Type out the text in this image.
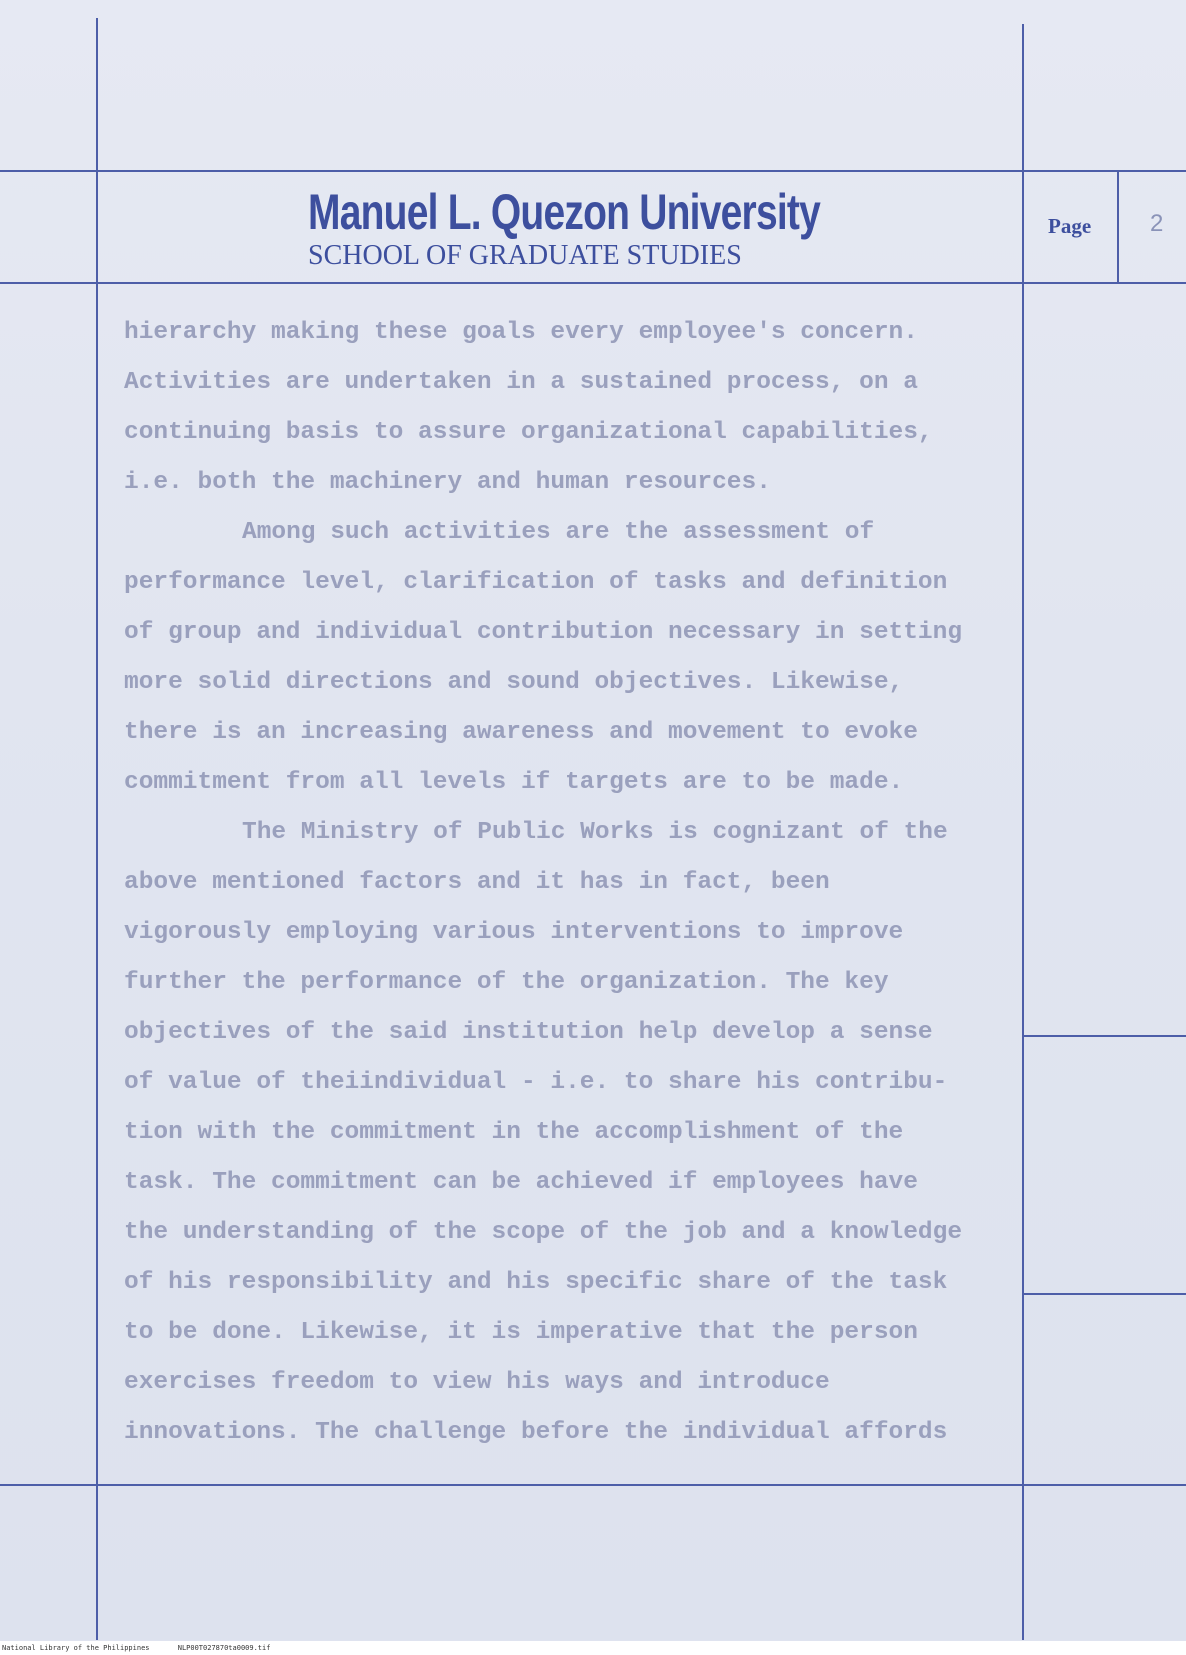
Manuel L. Quezon University
SCHOOL OF GRADUATE STUDIES
Page 2
hierarchy making these goals every employee's concern.
Activities are undertaken in a sustained process, on a
continuing basis to assure organizational capabilities,
i.e. both the machinery and human resources.
Among such activities are the assessment of
performance level, clarification of tasks and definition
of group and individual contribution necessary in setting
more solid directions and sound objectives. Likewise,
there is an increasing awareness and movement to evoke
commitment from all levels if targets are to be made.
The Ministry of Public Works is cognizant of the
above mentioned factors and it has in fact, been
vigorously employing various interventions to improve
further the performance of the organization. The key
objectives of the said institution help develop a sense
of value of theiindividual - i.e. to share his contribu-
tion with the commitment in the accomplishment of the
task. The commitment can be achieved if employees have
the understanding of the scope of the job and a knowledge
of his responsibility and his specific share of the task
to be done. Likewise, it is imperative that the person
exercises freedom to view his ways and introduce
innovations. The challenge before the individual affords
National Library of the Philippines	NLP00T027870ta0009.tif
